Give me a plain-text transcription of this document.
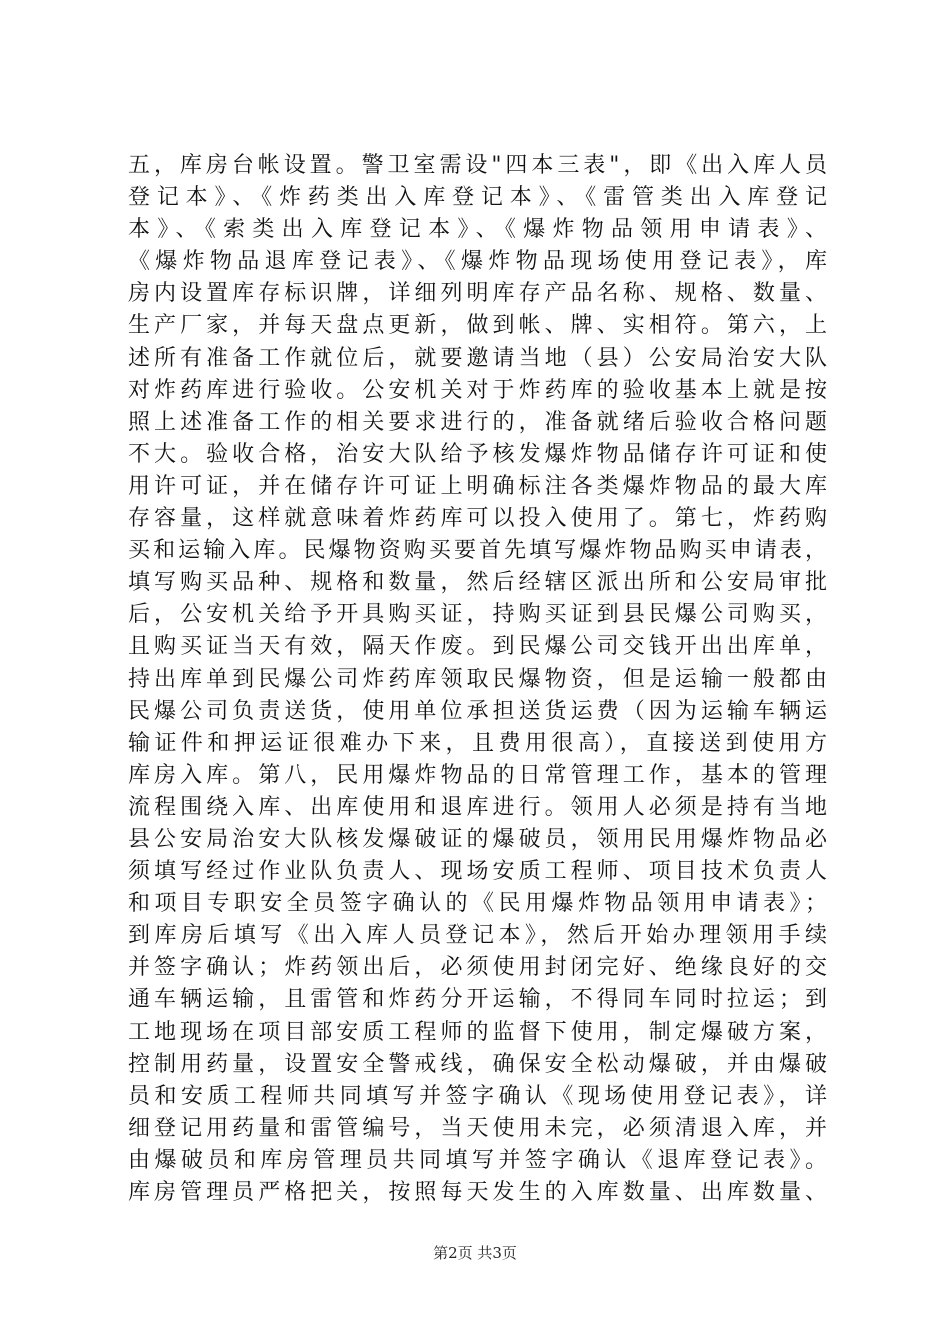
五，库房台帐设置。警卫室需设"四本三表"，即《出入库人员
登记本》、《炸药类出入库登记本》、《雷管类出入库登记
本》、《索类出入库登记本》、《爆炸物品领用申请表》、
《爆炸物品退库登记表》、《爆炸物品现场使用登记表》，库
房内设置库存标识牌，详细列明库存产品名称、规格、数量、
生产厂家，并每天盘点更新，做到帐、牌、实相符。第六，上
述所有准备工作就位后，就要邀请当地（县）公安局治安大队
对炸药库进行验收。公安机关对于炸药库的验收基本上就是按
照上述准备工作的相关要求进行的，准备就绪后验收合格问题
不大。验收合格，治安大队给予核发爆炸物品储存许可证和使
用许可证，并在储存许可证上明确标注各类爆炸物品的最大库
存容量，这样就意味着炸药库可以投入使用了。第七，炸药购
买和运输入库。民爆物资购买要首先填写爆炸物品购买申请表，
填写购买品种、规格和数量，然后经辖区派出所和公安局审批
后，公安机关给予开具购买证，持购买证到县民爆公司购买，
且购买证当天有效，隔天作废。到民爆公司交钱开出出库单，
持出库单到民爆公司炸药库领取民爆物资，但是运输一般都由
民爆公司负责送货，使用单位承担送货运费（因为运输车辆运
输证件和押运证很难办下来，且费用很高），直接送到使用方
库房入库。第八，民用爆炸物品的日常管理工作，基本的管理
流程围绕入库、出库使用和退库进行。领用人必须是持有当地
县公安局治安大队核发爆破证的爆破员，领用民用爆炸物品必
须填写经过作业队负责人、现场安质工程师、项目技术负责人
和项目专职安全员签字确认的《民用爆炸物品领用申请表》；
到库房后填写《出入库人员登记本》，然后开始办理领用手续
并签字确认；炸药领出后，必须使用封闭完好、绝缘良好的交
通车辆运输，且雷管和炸药分开运输，不得同车同时拉运；到
工地现场在项目部安质工程师的监督下使用，制定爆破方案，
控制用药量，设置安全警戒线，确保安全松动爆破，并由爆破
员和安质工程师共同填写并签字确认《现场使用登记表》，详
细登记用药量和雷管编号，当天使用未完，必须清退入库，并
由爆破员和库房管理员共同填写并签字确认《退库登记表》。
库房管理员严格把关，按照每天发生的入库数量、出库数量、
第2页 共3页
